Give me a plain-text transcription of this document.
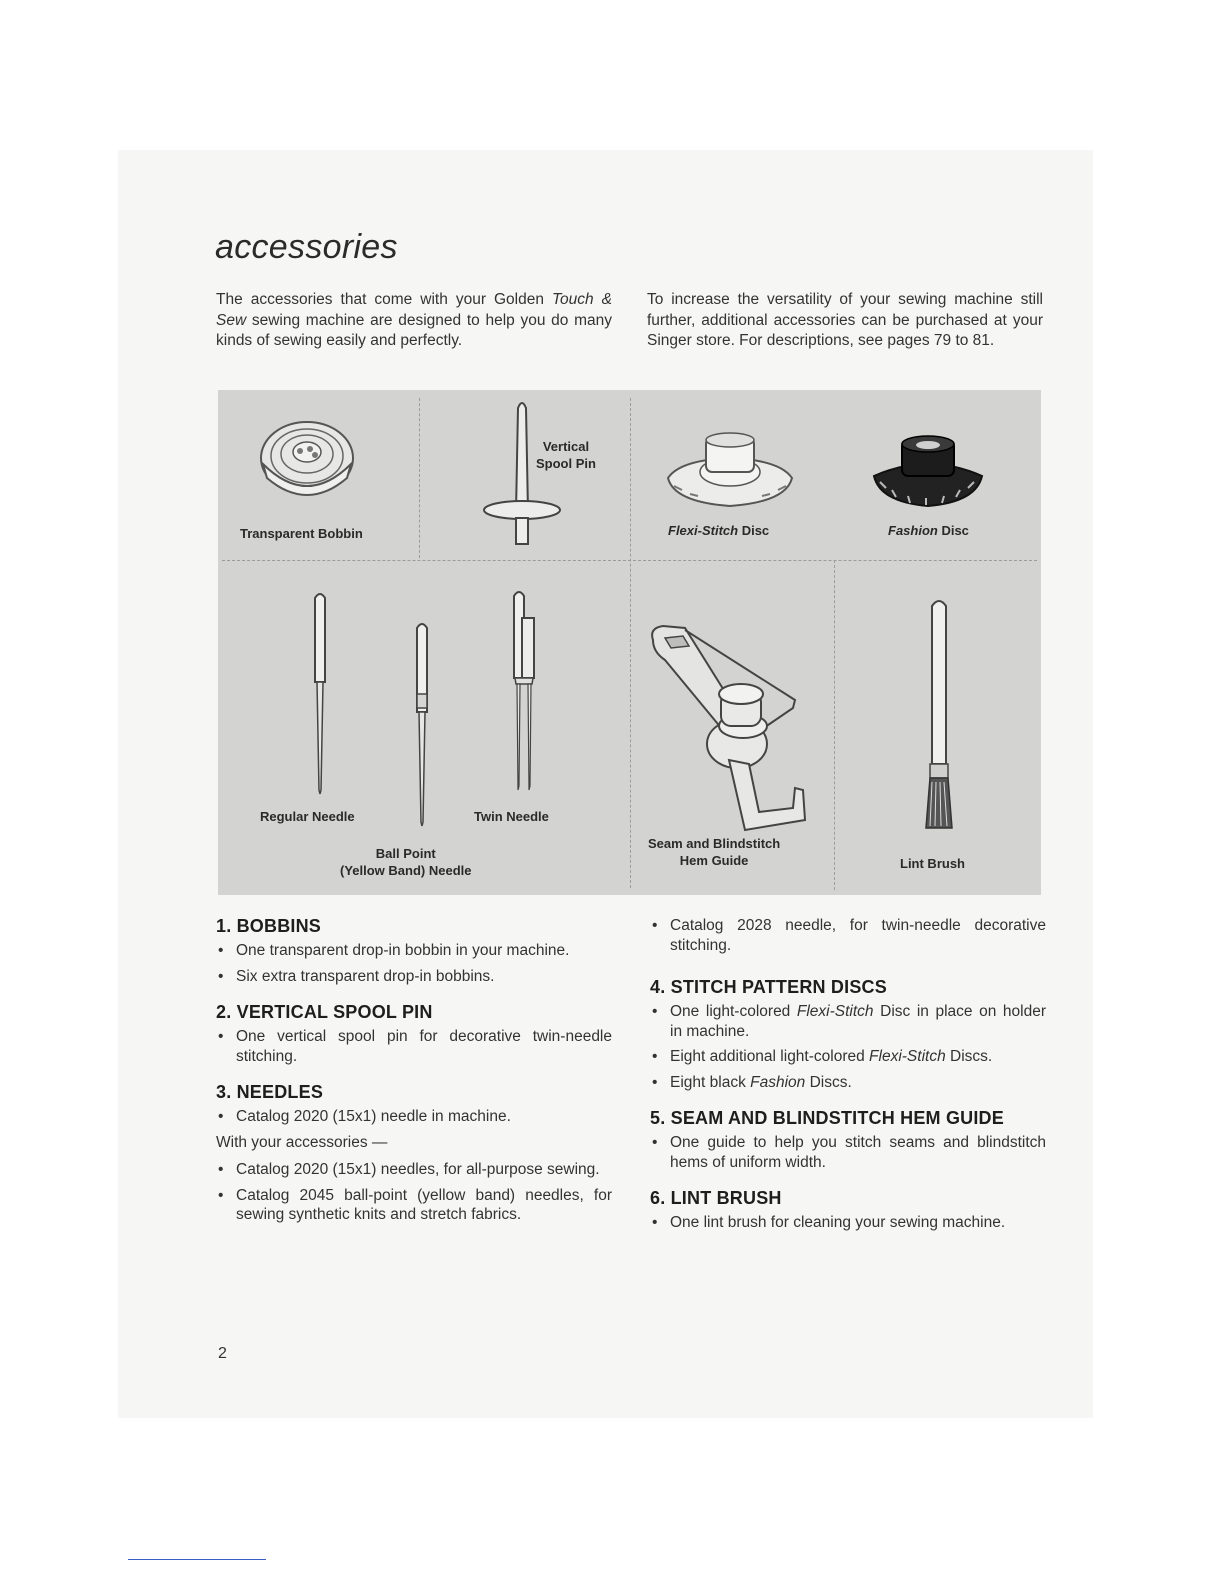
accessories
The accessories that come with your Golden Touch & Sew sewing machine are designed to help you do many kinds of sewing easily and perfectly.
To increase the versatility of your sewing machine still further, additional accessories can be purchased at your Singer store. For descriptions, see pages 79 to 81.
Transparent Bobbin
Vertical
Spool Pin
Flexi-Stitch Disc	Fashion Disc
Regular Needle
Ball Point
(Yellow Band) Needle
Twin Needle
Seam and Blindstitch
Hem Guide	Lint Brush
1. BOBBINS
• One transparent drop-in bobbin in your machine.
• Six extra transparent drop-in bobbins.
2. VERTICAL SPOOL PIN
• One vertical spool pin for decorative twin-needle stitching.
3. NEEDLES
• Catalog 2020 (15x1) needle in machine.
With your accessories —
• Catalog 2020 (15x1) needles, for all-purpose sewing.
• Catalog 2045 ball-point (yellow band) needles, for sewing synthetic knits and stretch fabrics.
• Catalog 2028 needle, for twin-needle decorative stitching.
4. STITCH PATTERN DISCS
• One light-colored Flexi-Stitch Disc in place on holder in machine.
• Eight additional light-colored Flexi-Stitch Discs.
• Eight black Fashion Discs.
5. SEAM AND BLINDSTITCH HEM GUIDE
• One guide to help you stitch seams and blindstitch hems of uniform width.
6. LINT BRUSH
• One lint brush for cleaning your sewing machine.
2
